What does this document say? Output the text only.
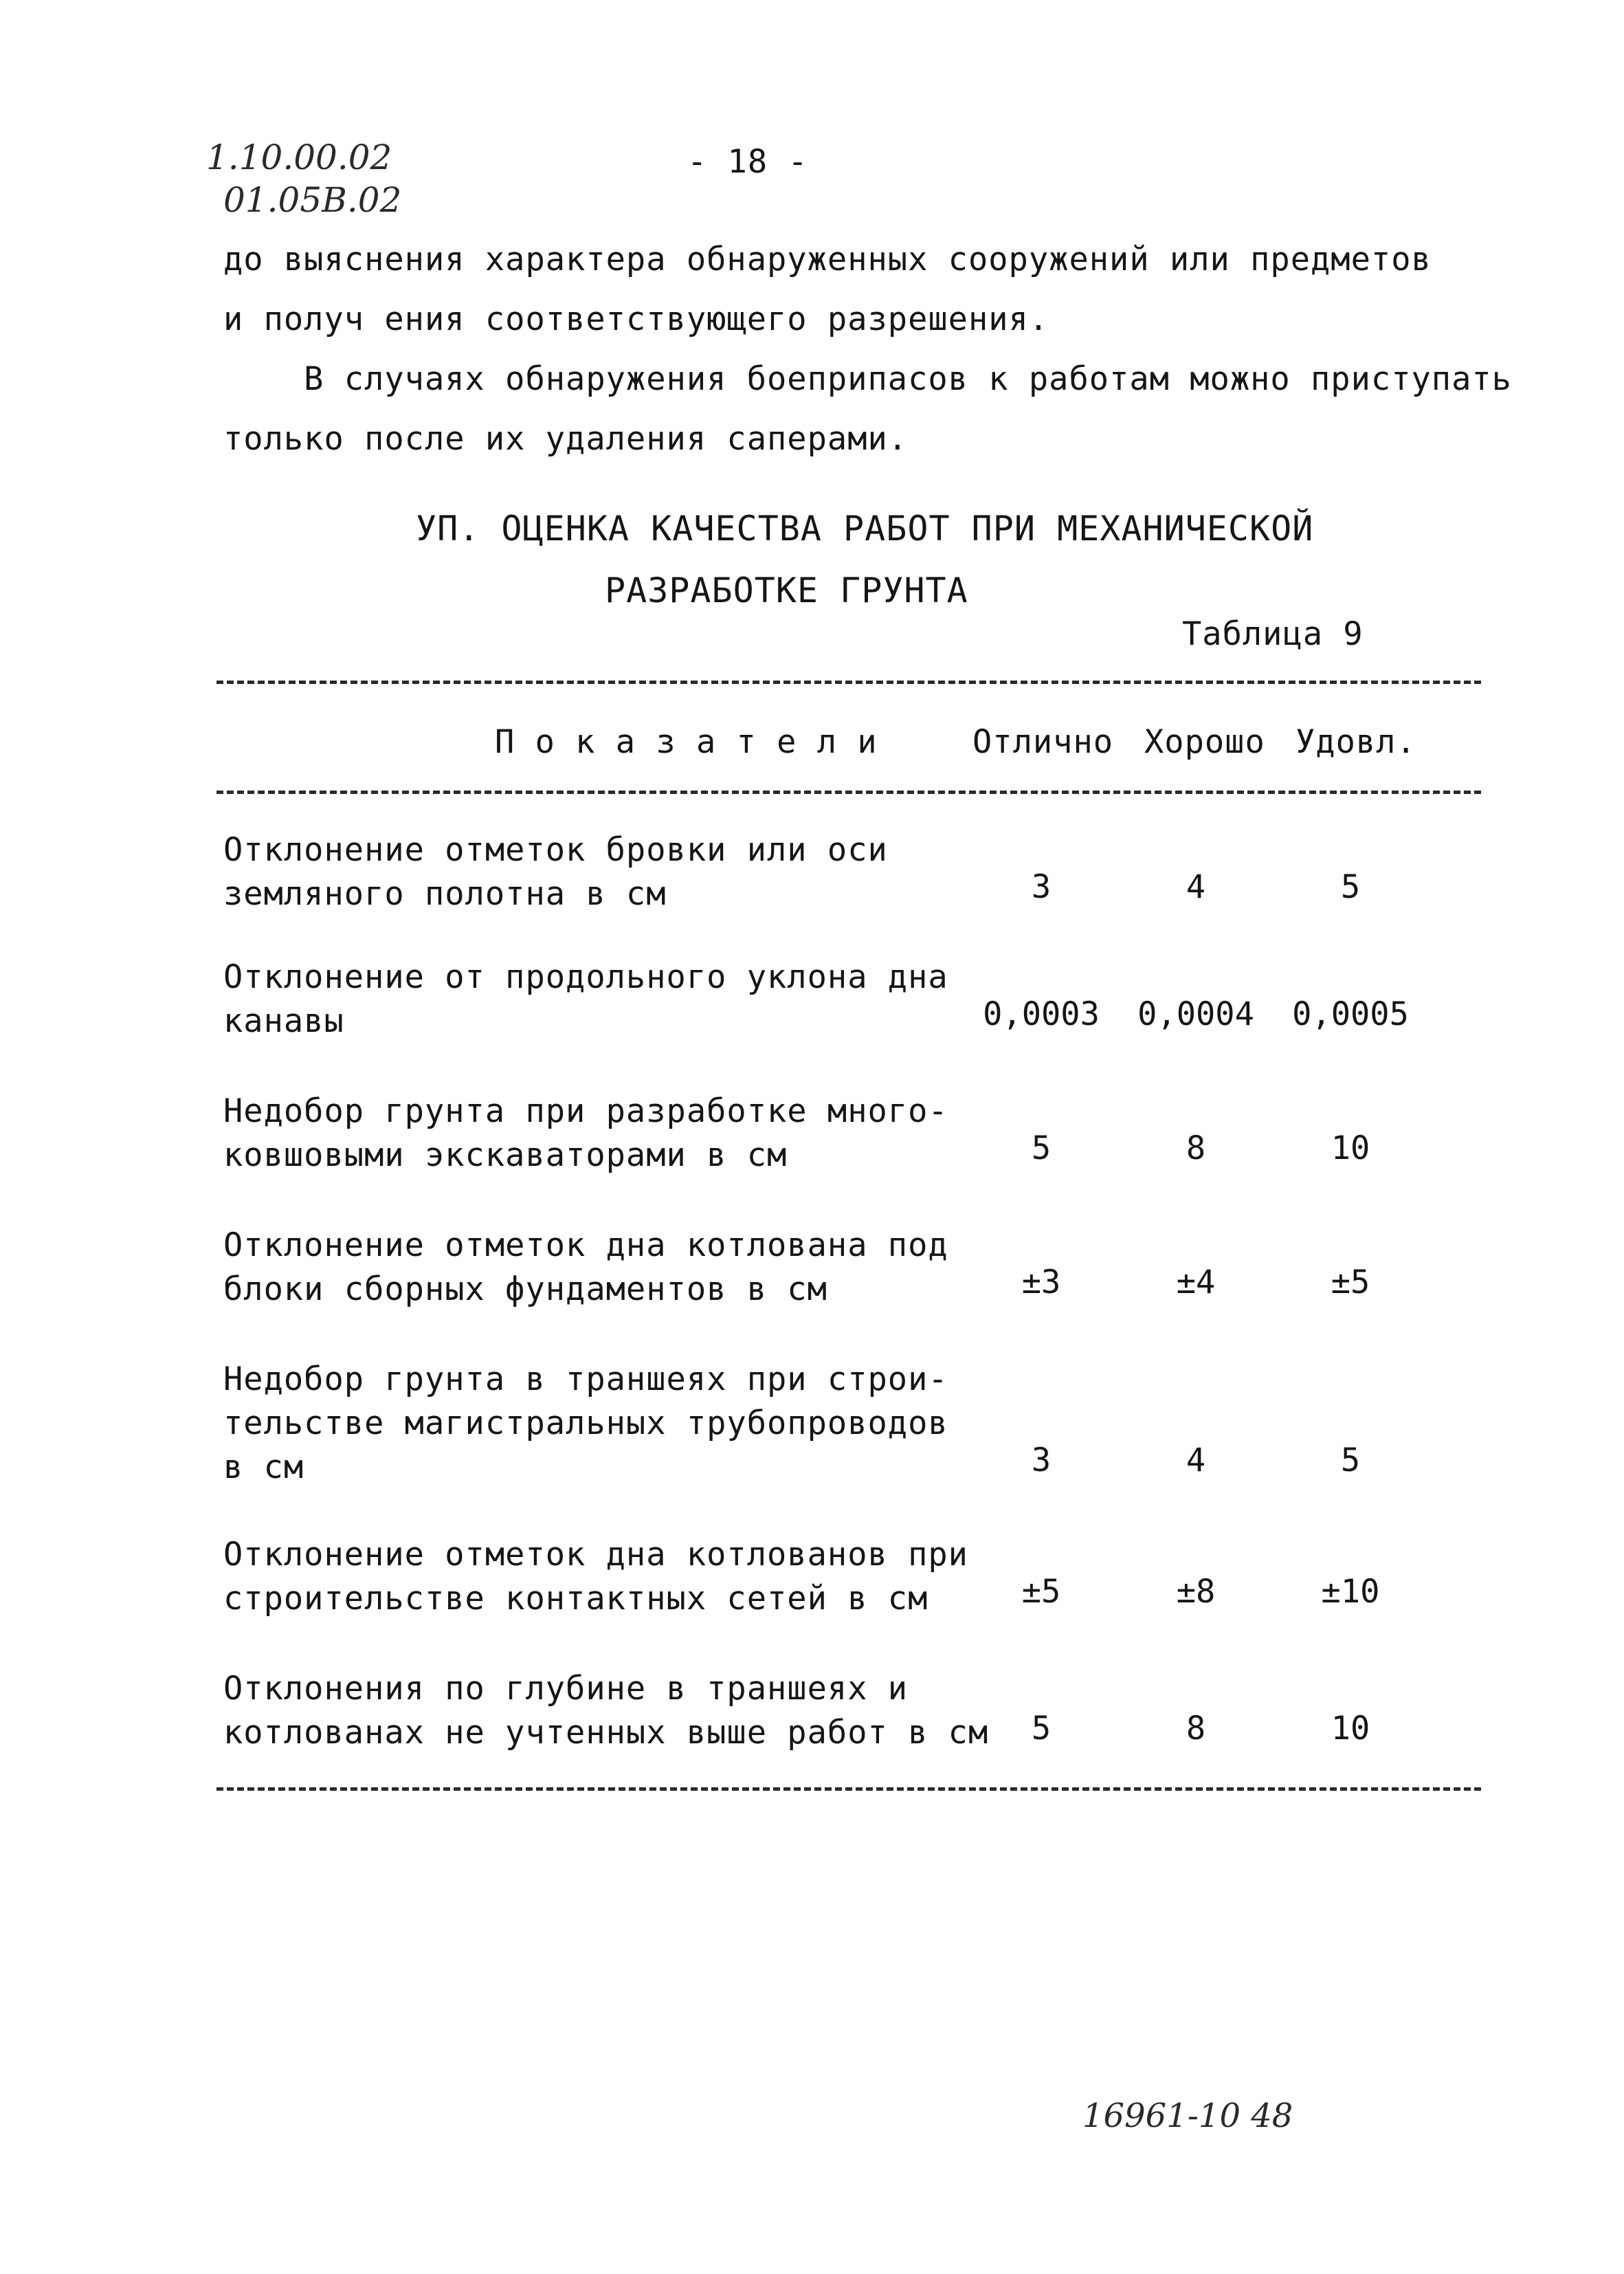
1.10.00.02
01.05В.02
- 18 -
до выяснения характера обнаруженных сооружений или предметов
и получ ения соответствующего разрешения.
В случаях обнаружения боеприпасов к работам можно приступать
только после их удаления саперами.
УП. ОЦЕНКА КАЧЕСТВА РАБОТ ПРИ МЕХАНИЧЕСКОЙ
РАЗРАБОТКЕ ГРУНТА
Таблица 9
П о к а з а т е л и	Отлично Хорошо Удовл.
Отклонение отметок бровки или оси
земляного полотна в см	3	4	5
Отклонение от продольного уклона дна
канавы	0,0003	0,0004	0,0005
Недобор грунта при разработке много-
ковшовыми экскаваторами в см	5	8	10
Отклонение отметок дна котлована под
блоки сборных фундаментов в см	±3	±4	±5
Недобор грунта в траншеях при строи-
тельстве магистральных трубопроводов
в см	3	4	5
Отклонение отметок дна котлованов при
строительстве контактных сетей в см	±5	±8	±10
Отклонения по глубине в траншеях и
котлованах не учтенных выше работ в см	5	8	10
16961-10 48
